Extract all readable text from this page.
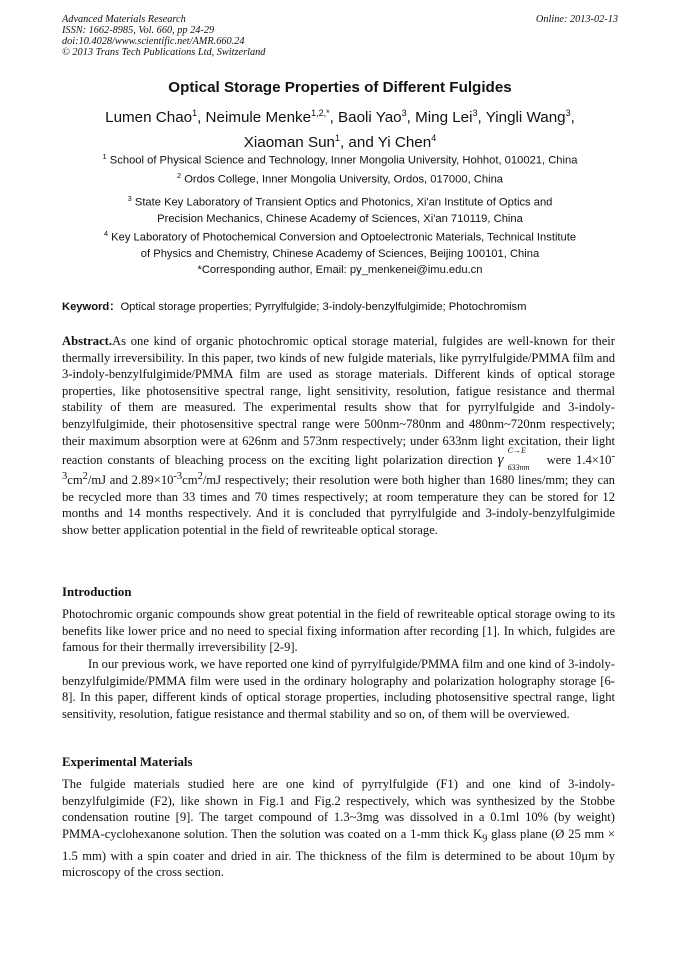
Advanced Materials Research
ISSN: 1662-8985, Vol. 660, pp 24-29
doi:10.4028/www.scientific.net/AMR.660.24
© 2013 Trans Tech Publications Ltd, Switzerland
Online: 2013-02-13
Optical Storage Properties of Different Fulgides
Lumen Chao$^1$, Neimule Menke$^{1,2,*}$, Baoli Yao$^3$, Ming Lei$^3$, Yingli Wang$^3$,
Xiaoman Sun$^1$, and Yi Chen$^4$
$^1$ School of Physical Science and Technology, Inner Mongolia University, Hohhot, 010021, China
$^2$ Ordos College, Inner Mongolia University, Ordos, 017000, China
$^3$ State Key Laboratory of Transient Optics and Photonics, Xi'an Institute of Optics and
Precision Mechanics, Chinese Academy of Sciences, Xi'an 710119, China
$^4$ Key Laboratory of Photochemical Conversion and Optoelectronic Materials, Technical Institute
of Physics and Chemistry, Chinese Academy of Sciences, Beijing 100101, China
*Corresponding author, Email: py_menkenei@imu.edu.cn
Keyword：Optical storage properties; Pyrrylfulgide; 3-indoly-benzylfulgimide; Photochromism

Abstract.As one kind of organic photochromic optical storage material, fulgides are well-known for their thermally irreversibility. In this paper, two kinds of new fulgide materials, like pyrrylfulgide/PMMA film and 3-indoly-benzylfulgimide/PMMA film are used as storage materials. Different kinds of optical storage properties, like photosensitive spectral range, light sensitivity, resolution, fatigue resistance and thermal stability of them are measured. The experimental results show that for pyrrylfulgide and 3-indoly-benzylfulgimide, their photosensitive spectral range were 500nm~780nm and 480nm~720nm respectively; their maximum absorption were at 626nm and 573nm respectively; under 633nm light excitation, their light reaction constants of bleaching process on the exciting light polarization direction γ
C→E
633nm
were $1.4\times 10^{-3}cm^2/mJ$ and $2.89\times 10^{-3}cm^2/mJ$ respectively; their resolution were both higher than 1680 lines/mm; they can be recycled more than 33 times and 70 times respectively; at room temperature they can be stored for 12 months and 14 months respectively. And it is concluded that pyrrylfulgide and 3-indoly-benzylfulgimide show better application potential in the field of rewriteable optical storage.

Introduction

Photochromic organic compounds show great potential in the field of rewriteable optical storage owing to its benefits like lower price and no need to special fixing information after recording [1]. In which, fulgides are famous for their thermally irreversibility [2-9].

In our previous work, we have reported one kind of pyrrylfulgide/PMMA film and one kind of 3-indoly-benzylfulgimide/PMMA film were used in the ordinary holography and polarization holography storage [6-8]. In this paper, different kinds of optical storage properties, including photosensitive spectral range, light sensitivity, resolution, fatigue resistance and thermal stability and so on, of them will be overviewed.

Experimental Materials

The fulgide materials studied here are one kind of pyrrylfulgide (F1) and one kind of 3-indoly-benzylfulgimide (F2), like shown in Fig.1 and Fig.2 respectively, which was synthesized by the Stobbe condensation routine [9]. The target compound of 1.3~3mg was dissolved in a 0.1ml 10% (by weight) PMMA-cyclohexanone solution. Then the solution was coated on a 1-mm thick $K_9$ glass plane (Ø 25 mm × 1.5 mm) with a spin coater and dried in air. The thickness of the film is determined to be about 10μm by microscopy of the cross section.
